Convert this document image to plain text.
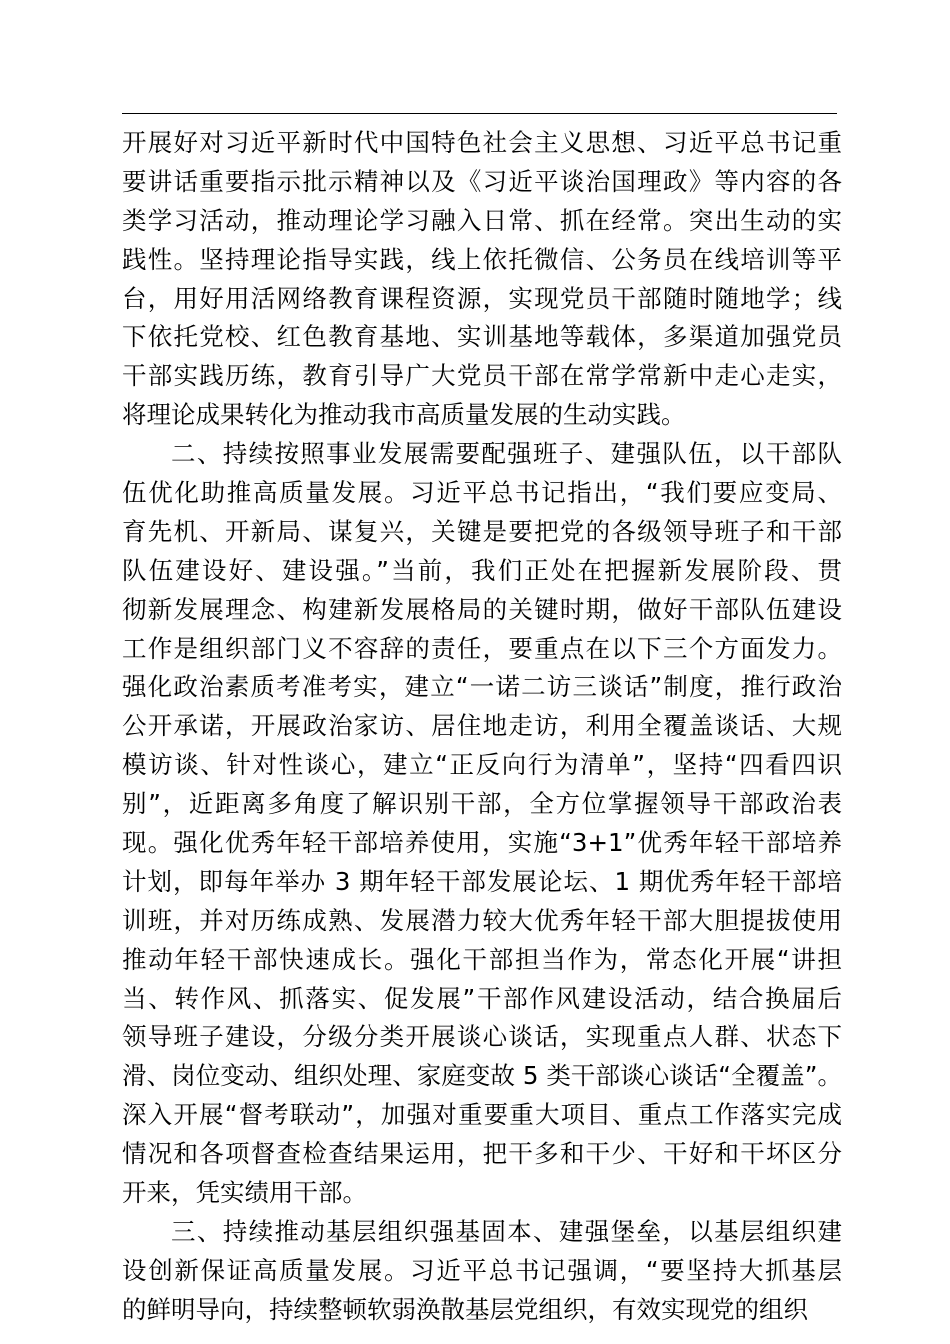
开展好对习近平新时代中国特色社会主义思想、习近平总书记重
要讲话重要指示批示精神以及《习近平谈治国理政》等内容的各
类学习活动，推动理论学习融入日常、抓在经常。突出生动的实
践性。坚持理论指导实践，线上依托微信、公务员在线培训等平
台，用好用活网络教育课程资源，实现党员干部随时随地学；线
下依托党校、红色教育基地、实训基地等载体，多渠道加强党员
干部实践历练，教育引导广大党员干部在常学常新中走心走实，
将理论成果转化为推动我市高质量发展的生动实践。
二、持续按照事业发展需要配强班子、建强队伍，以干部队
伍优化助推高质量发展。习近平总书记指出，“我们要应变局、
育先机、开新局、谋复兴，关键是要把党的各级领导班子和干部
队伍建设好、建设强。”当前，我们正处在把握新发展阶段、贯
彻新发展理念、构建新发展格局的关键时期，做好干部队伍建设
工作是组织部门义不容辞的责任，要重点在以下三个方面发力。
强化政治素质考准考实，建立“一诺二访三谈话”制度，推行政治
公开承诺，开展政治家访、居住地走访，利用全覆盖谈话、大规
模访谈、针对性谈心，建立“正反向行为清单”，坚持“四看四识
别”，近距离多角度了解识别干部，全方位掌握领导干部政治表
现。强化优秀年轻干部培养使用，实施“3+1”优秀年轻干部培养
计划，即每年举办 3 期年轻干部发展论坛、1 期优秀年轻干部培
训班，并对历练成熟、发展潜力较大优秀年轻干部大胆提拔使用
推动年轻干部快速成长。强化干部担当作为，常态化开展“讲担
当、转作风、抓落实、促发展”干部作风建设活动，结合换届后
领导班子建设，分级分类开展谈心谈话，实现重点人群、状态下
滑、岗位变动、组织处理、家庭变故 5 类干部谈心谈话“全覆盖”。
深入开展“督考联动”，加强对重要重大项目、重点工作落实完成
情况和各项督查检查结果运用，把干多和干少、干好和干坏区分
开来，凭实绩用干部。
三、持续推动基层组织强基固本、建强堡垒，以基层组织建
设创新保证高质量发展。习近平总书记强调，“要坚持大抓基层
的鲜明导向，持续整顿软弱涣散基层党组织，有效实现党的组织
